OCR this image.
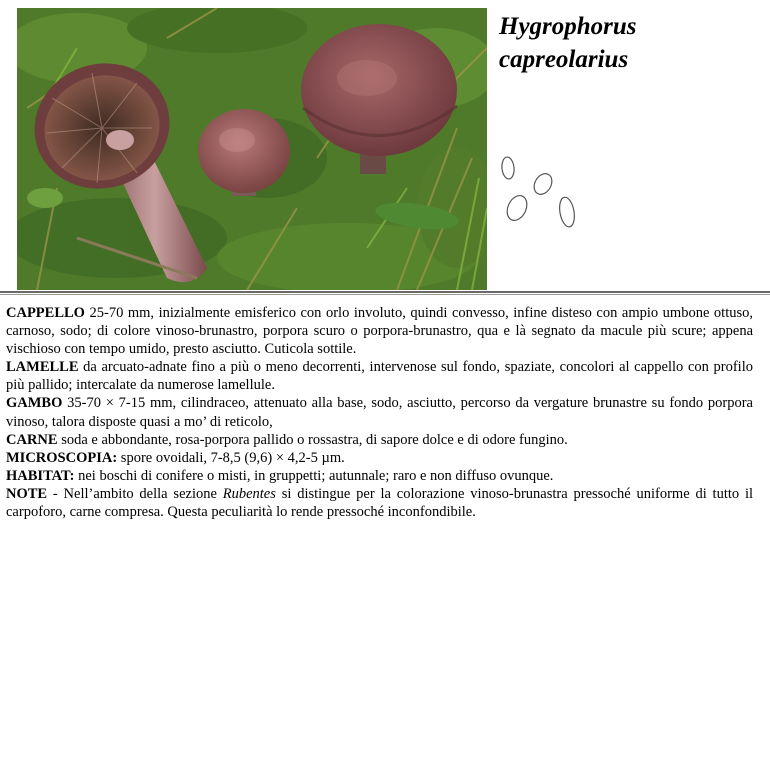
Hygrophorus
capreolarius

CAPPELLO 25-70 mm, inizialmente emisferico con orlo involuto, quindi convesso, infine disteso con ampio umbone ottuso, carnoso, sodo; di colore vinoso-brunastro, porpora scuro o porpora-brunastro, qua e là segnato da macule più scure; appena vischioso con tempo umido, presto asciutto. Cuticola sottile.

LAMELLE da arcuato-adnate fino a più o meno decorrenti, intervenose sul fondo, spaziate, concolori al cappello con profilo più pallido; intercalate da numerose lamellule.

GAMBO 35-70 × 7-15 mm, cilindraceo, attenuato alla base, sodo, asciutto, percorso da vergature brunastre su fondo porpora vinoso, talora disposte quasi a mo’ di reticolo,

CARNE soda e abbondante, rosa-porpora pallido o rossastra, di sapore dolce e di odore fungino.

MICROSCOPIA: spore ovoidali, 7-8,5 (9,6) × 4,2-5 µm.

HABITAT: nei boschi di conifere o misti, in gruppetti; autunnale; raro e non diffuso ovunque.

NOTE - Nell’ambito della sezione Rubentes si distingue per la colorazione vinoso-brunastra pressoché uniforme di tutto il carpoforo, carne compresa. Questa peculiarità lo rende pressoché inconfondibile.
